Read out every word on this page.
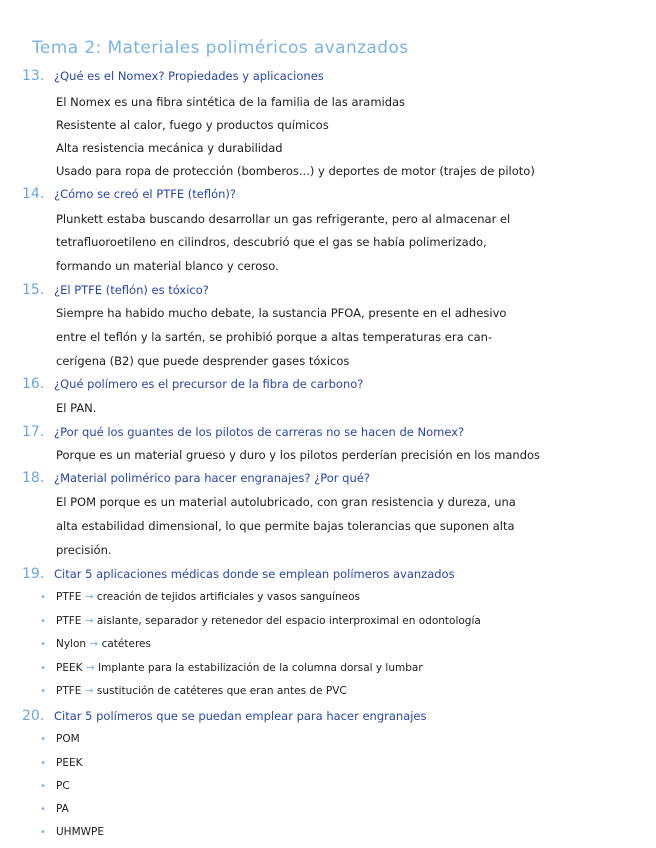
Tema 2: Materiales poliméricos avanzados
13. ¿Qué es el Nomex? Propiedades y aplicaciones
El Nomex es una fibra sintética de la familia de las aramidas
Resistente al calor, fuego y productos químicos
Alta resistencia mecánica y durabilidad
Usado para ropa de protección (bomberos...) y deportes de motor (trajes de piloto)
14. ¿Cómo se creó el PTFE (teflón)?
Plunkett estaba buscando desarrollar un gas refrigerante, pero al almacenar el
tetrafluoroetileno en cilindros, descubrió que el gas se había polimerizado,
formando un material blanco y ceroso.
15. ¿El PTFE (teflón) es tóxico?
Siempre ha habido mucho debate, la sustancia PFOA, presente en el adhesivo
entre el teflón y la sartén, se prohibió porque a altas temperaturas era can-
cerígena (B2) que puede desprender gases tóxicos
16. ¿Qué polímero es el precursor de la fibra de carbono?
El PAN.
17. ¿Por qué los guantes de los pilotos de carreras no se hacen de Nomex?
Porque es un material grueso y duro y los pilotos perderían precisión en los mandos
18. ¿Material polimérico para hacer engranajes? ¿Por qué?
El POM porque es un material autolubricado, con gran resistencia y dureza, una
alta estabilidad dimensional, lo que permite bajas tolerancias que suponen alta
precisión.
19. Citar 5 aplicaciones médicas donde se emplean polímeros avanzados
• PTFE → creación de tejidos artificiales y vasos sanguíneos
• PTFE → aislante, separador y retenedor del espacio interproximal en odontología
• Nylon → catéteres
• PEEK → Implante para la estabilización de la columna dorsal y lumbar
• PTFE → sustitución de catéteres que eran antes de PVC
20. Citar 5 polímeros que se puedan emplear para hacer engranajes
• POM
• PEEK
• PC
• PA
• UHMWPE
